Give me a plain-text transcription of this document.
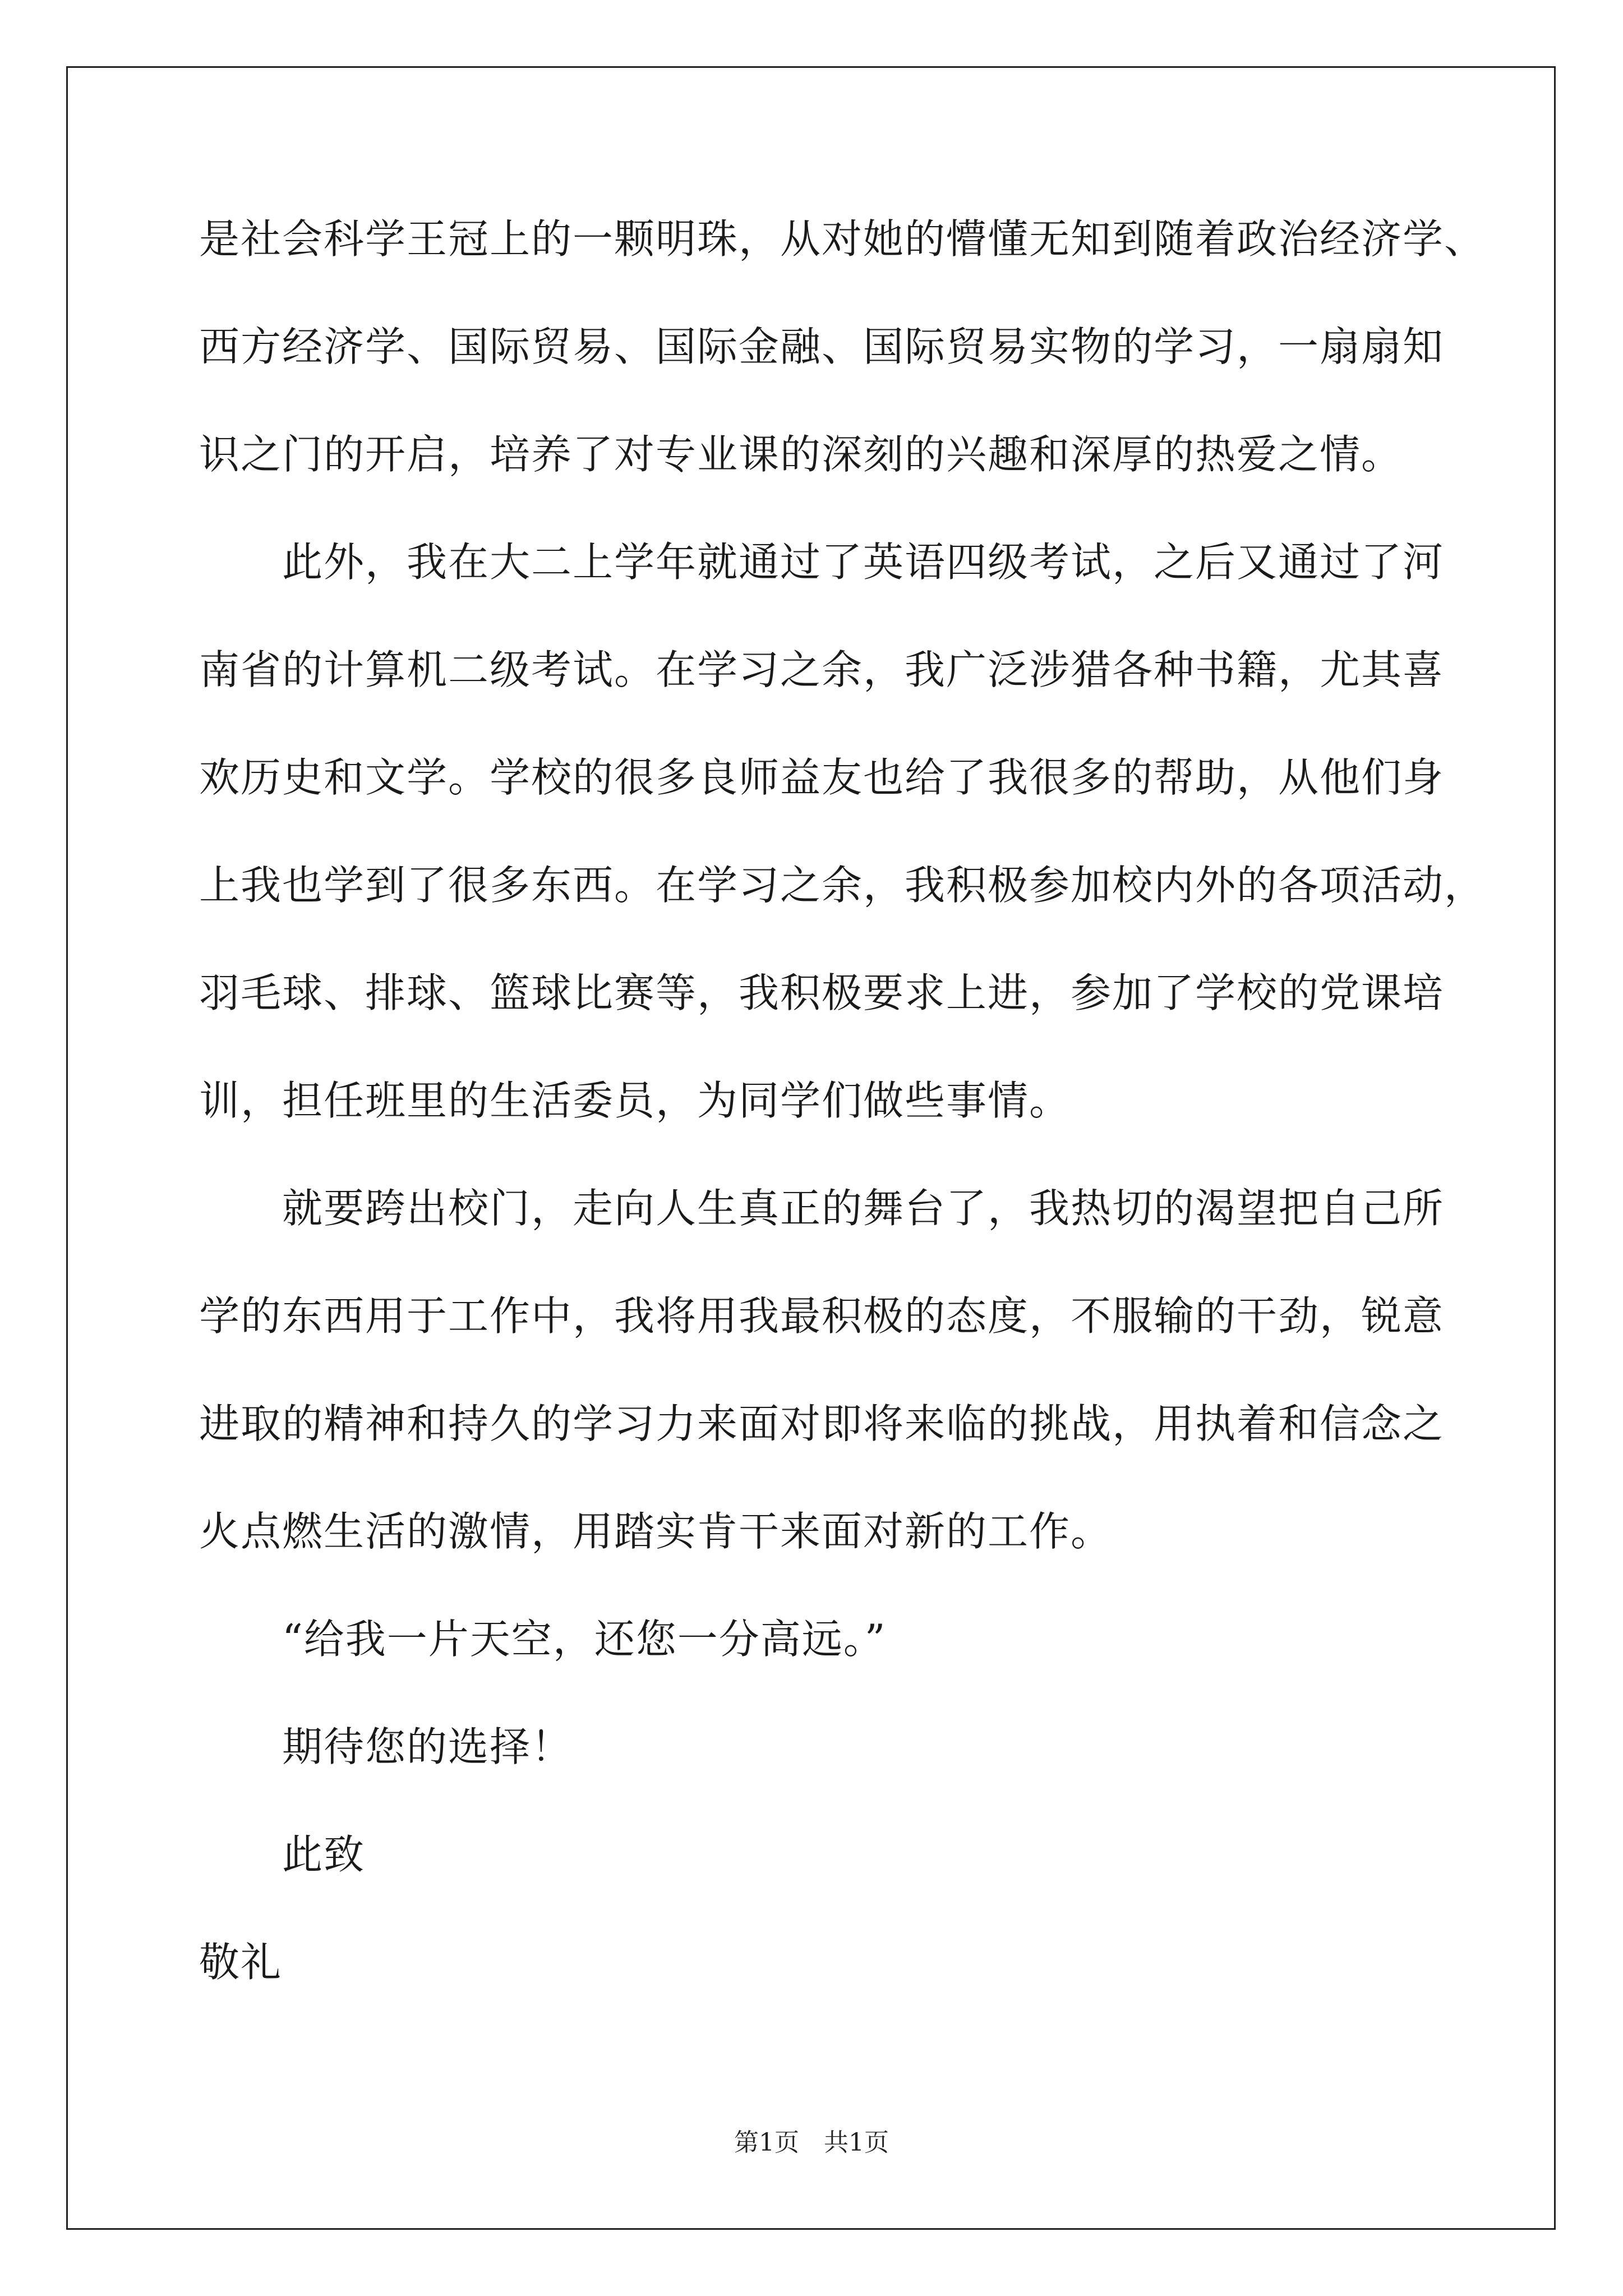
是社会科学王冠上的一颗明珠，从对她的懵懂无知到随着政治经济学、
西方经济学、国际贸易、国际金融、国际贸易实物的学习，一扇扇知
识之门的开启，培养了对专业课的深刻的兴趣和深厚的热爱之情。
此外，我在大二上学年就通过了英语四级考试，之后又通过了河
南省的计算机二级考试。在学习之余，我广泛涉猎各种书籍，尤其喜
欢历史和文学。学校的很多良师益友也给了我很多的帮助，从他们身
上我也学到了很多东西。在学习之余，我积极参加校内外的各项活动，
羽毛球、排球、篮球比赛等，我积极要求上进，参加了学校的党课培
训，担任班里的生活委员，为同学们做些事情。
就要跨出校门，走向人生真正的舞台了，我热切的渴望把自己所
学的东西用于工作中，我将用我最积极的态度，不服输的干劲，锐意
进取的精神和持久的学习力来面对即将来临的挑战，用执着和信念之
火点燃生活的激情，用踏实肯干来面对新的工作。
“给我一片天空，还您一分高远。”
期待您的选择！
此致
敬礼
第1页　共1页
